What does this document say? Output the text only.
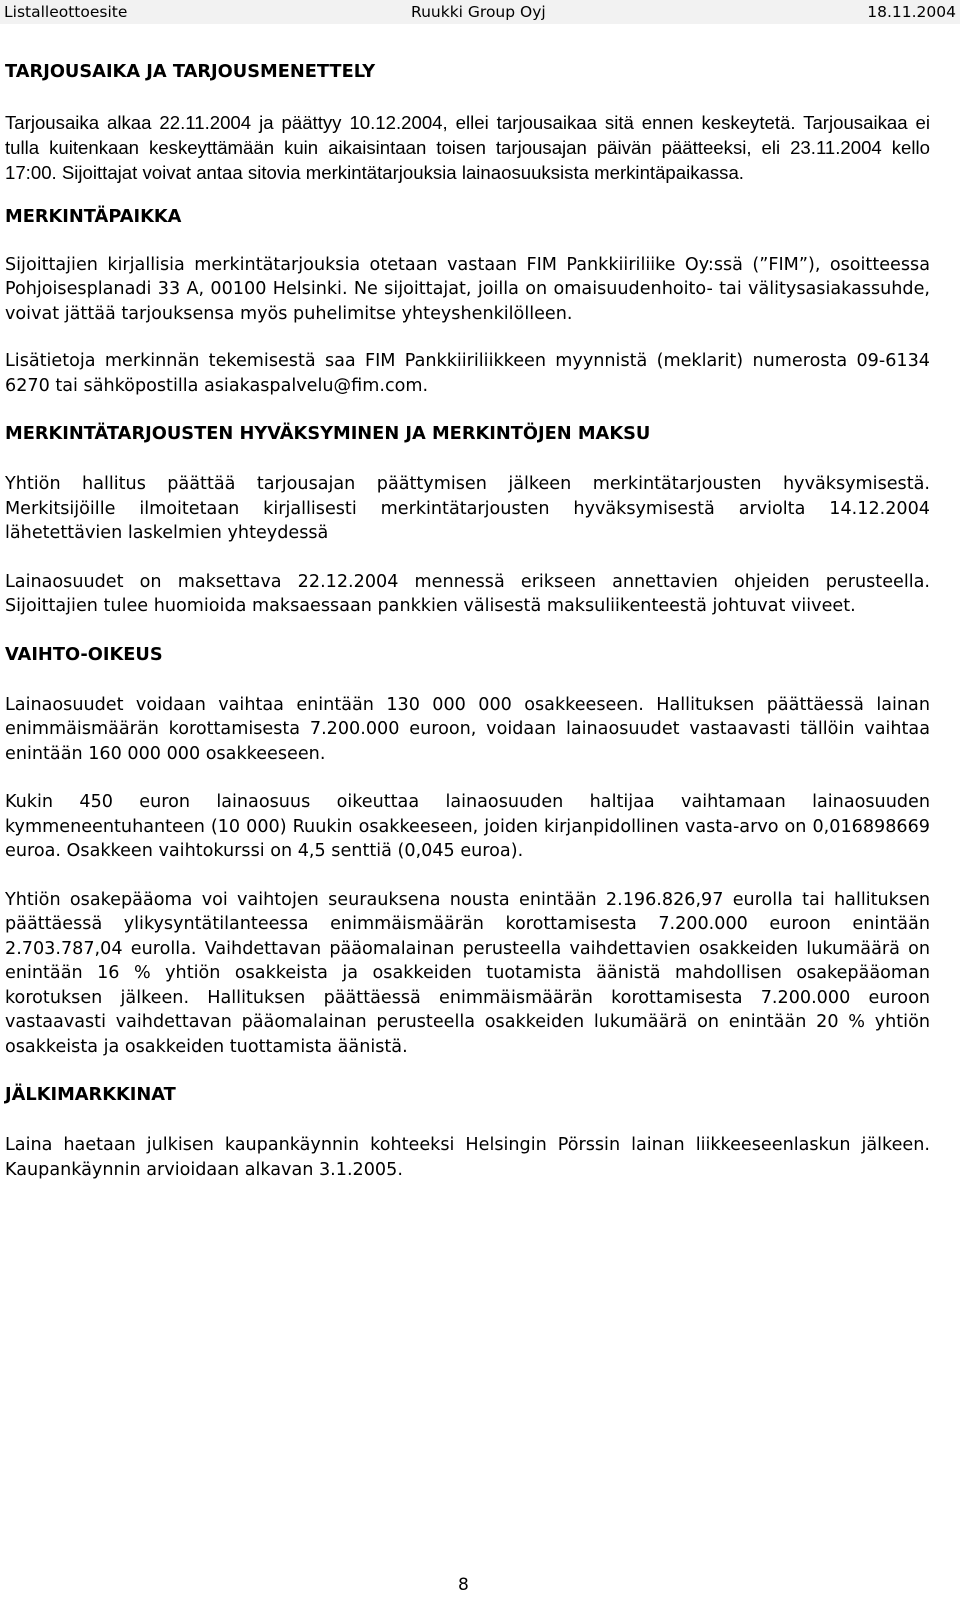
Listalleottoesite	Ruukki Group Oyj	18.11.2004
TARJOUSAIKA JA TARJOUSMENETTELY

Tarjousaika alkaa 22.11.2004 ja päättyy 10.12.2004, ellei tarjousaikaa sitä ennen keskeytetä. Tarjousaikaa ei tulla kuitenkaan keskeyttämään kuin aikaisintaan toisen tarjousajan päivän päätteeksi, eli 23.11.2004 kello 17:00. Sijoittajat voivat antaa sitovia merkintätarjouksia lainaosuuksista merkintäpaikassa.

MERKINTÄPAIKKA

Sijoittajien kirjallisia merkintätarjouksia otetaan vastaan FIM Pankkiiriliike Oy:ssä (”FIM”), osoitteessa Pohjoisesplanadi 33 A, 00100 Helsinki. Ne sijoittajat, joilla on omaisuudenhoito- tai välitysasiakassuhde, voivat jättää tarjouksensa myös puhelimitse yhteyshenkilölleen.

Lisätietoja merkinnän tekemisestä saa FIM Pankkiiriliikkeen myynnistä (meklarit) numerosta 09-6134 6270 tai sähköpostilla asiakaspalvelu@fim.com.

MERKINTÄTARJOUSTEN HYVÄKSYMINEN JA MERKINTÖJEN MAKSU

Yhtiön hallitus päättää tarjousajan päättymisen jälkeen merkintätarjousten hyväksymisestä. Merkitsijöille ilmoitetaan kirjallisesti merkintätarjousten hyväksymisestä arviolta 14.12.2004 lähetettävien laskelmien yhteydessä

Lainaosuudet on maksettava 22.12.2004 mennessä erikseen annettavien ohjeiden perusteella. Sijoittajien tulee huomioida maksaessaan pankkien välisestä maksuliikenteestä johtuvat viiveet.

VAIHTO-OIKEUS

Lainaosuudet voidaan vaihtaa enintään 130 000 000 osakkeeseen. Hallituksen päättäessä lainan enimmäismäärän korottamisesta 7.200.000 euroon, voidaan lainaosuudet vastaavasti tällöin vaihtaa enintään 160 000 000 osakkeeseen.

Kukin 450 euron lainaosuus oikeuttaa lainaosuuden haltijaa vaihtamaan lainaosuuden kymmeneentuhanteen (10 000) Ruukin osakkeeseen, joiden kirjanpidollinen vasta-arvo on 0,016898669 euroa. Osakkeen vaihtokurssi on 4,5 senttiä (0,045 euroa).

Yhtiön osakepääoma voi vaihtojen seurauksena nousta enintään 2.196.826,97 eurolla tai hallituksen päättäessä ylikysyntätilanteessa enimmäismäärän korottamisesta 7.200.000 euroon enintään 2.703.787,04 eurolla. Vaihdettavan pääomalainan perusteella vaihdettavien osakkeiden lukumäärä on enintään 16 % yhtiön osakkeista ja osakkeiden tuotamista äänistä mahdollisen osakepääoman korotuksen jälkeen. Hallituksen päättäessä enimmäismäärän korottamisesta 7.200.000 euroon vastaavasti vaihdettavan pääomalainan perusteella osakkeiden lukumäärä on enintään 20 % yhtiön osakkeista ja osakkeiden tuottamista äänistä.

JÄLKIMARKKINAT

Laina haetaan julkisen kaupankäynnin kohteeksi Helsingin Pörssin lainan liikkeeseenlaskun jälkeen. Kaupankäynnin arvioidaan alkavan 3.1.2005.

8
